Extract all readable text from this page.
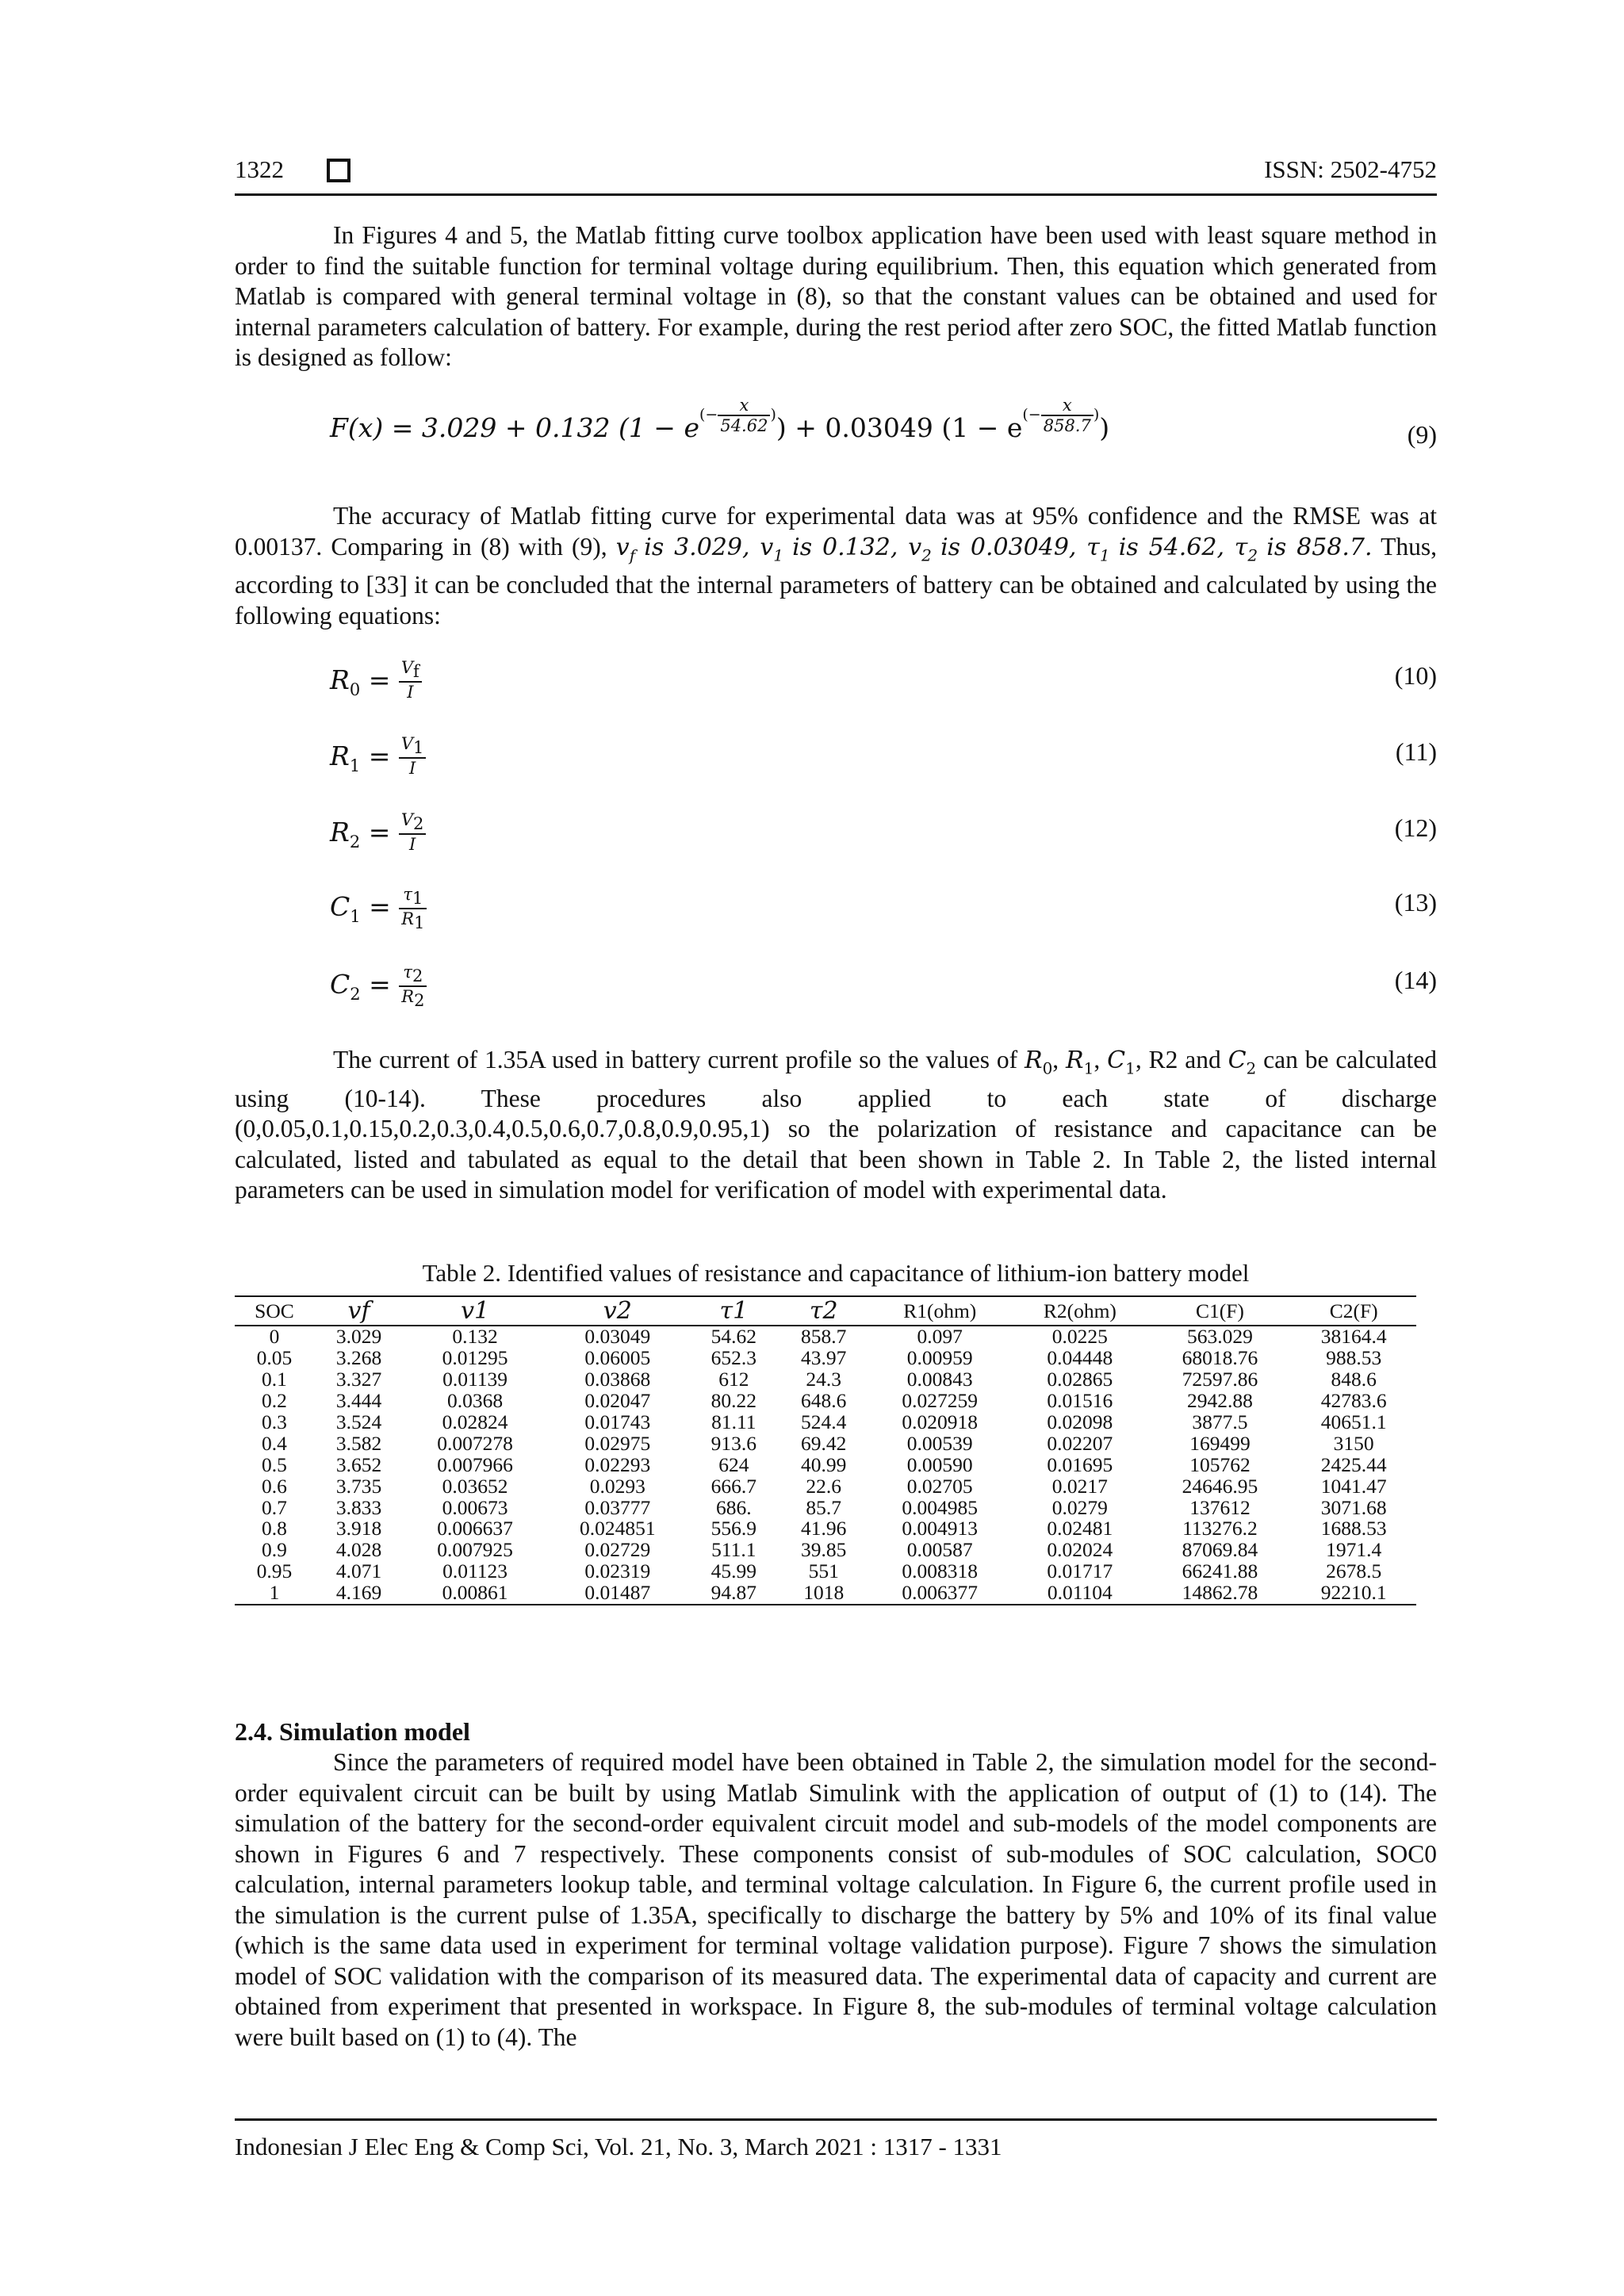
1322	ISSN: 2502-4752

In Figures 4 and 5, the Matlab fitting curve toolbox application have been used with least square method in order to find the suitable function for terminal voltage during equilibrium. Then, this equation which generated from Matlab is compared with general terminal voltage in (8), so that the constant values can be obtained and used for internal parameters calculation of battery. For example, during the rest period after zero SOC, the fitted Matlab function is designed as follow:

F(x) = 3.029 + 0.132 $(1 - e^{(- \frac{x}{54.62} )}) + 0.03049$ $(1 - e^{(- \frac{x}{858.7} )})$	(9)

The accuracy of Matlab fitting curve for experimental data was at 95% confidence and the RMSE was at 0.00137. Comparing in (8) with (9), $v_f$ is 3.029, $v_1$ is 0.132, $v_2$ is 0.03049, $\tau_1$ is 54.62, $\tau_2$ is 858.7. Thus, according to [33] it can be concluded that the internal parameters of battery can be obtained and calculated by using the following equations:

$R_0 = \frac{V_f}{I}$	(10)
$R_1 = \frac{V_1}{I}$	(11)
$R_2 = \frac{V_2}{I}$	(12)
$C_1 = \frac{\tau_1}{R_1}$	(13)
$C_2 = \frac{\tau_2}{R_2}$	(14)

The current of 1.35A used in battery current profile so the values of $R_0$, $R_1$, $C_1$, R2 and $C_2$ can be calculated using (10-14). These procedures also applied to each state of discharge (0,0.05,0.1,0.15,0.2,0.3,0.4,0.5,0.6,0.7,0.8,0.9,0.95,1) so the polarization of resistance and capacitance can be calculated, listed and tabulated as equal to the detail that been shown in Table 2. In Table 2, the listed internal parameters can be used in simulation model for verification of model with experimental data.

Table 2. Identified values of resistance and capacitance of lithium-ion battery model
SOC	vf	v1	v2	τ1	τ2	R1(ohm)	R2(ohm)	C1(F)	C2(F)
0	3.029	0.132	0.03049	54.62	858.7	0.097	0.0225	563.029	38164.4
0.05	3.268	0.01295	0.06005	652.3	43.97	0.00959	0.04448	68018.76	988.53
0.1	3.327	0.01139	0.03868	612	24.3	0.00843	0.02865	72597.86	848.6
0.2	3.444	0.0368	0.02047	80.22	648.6	0.027259	0.01516	2942.88	42783.6
0.3	3.524	0.02824	0.01743	81.11	524.4	0.020918	0.02098	3877.5	40651.1
0.4	3.582	0.007278	0.02975	913.6	69.42	0.00539	0.02207	169499	3150
0.5	3.652	0.007966	0.02293	624	40.99	0.00590	0.01695	105762	2425.44
0.6	3.735	0.03652	0.0293	666.7	22.6	0.02705	0.0217	24646.95	1041.47
0.7	3.833	0.00673	0.03777	686.	85.7	0.004985	0.0279	137612	3071.68
0.8	3.918	0.006637	0.024851	556.9	41.96	0.004913	0.02481	113276.2	1688.53
0.9	4.028	0.007925	0.02729	511.1	39.85	0.00587	0.02024	87069.84	1971.4
0.95	4.071	0.01123	0.02319	45.99	551	0.008318	0.01717	66241.88	2678.5
1	4.169	0.00861	0.01487	94.87	1018	0.006377	0.01104	14862.78	92210.1
2.4. Simulation model

Since the parameters of required model have been obtained in Table 2, the simulation model for the second-order equivalent circuit can be built by using Matlab Simulink with the application of output of (1) to (14). The simulation of the battery for the second-order equivalent circuit model and sub-models of the model components are shown in Figures 6 and 7 respectively. These components consist of sub-modules of SOC calculation, SOC0 calculation, internal parameters lookup table, and terminal voltage calculation. In Figure 6, the current profile used in the simulation is the current pulse of 1.35A, specifically to discharge the battery by 5% and 10% of its final value (which is the same data used in experiment for terminal voltage validation purpose). Figure 7 shows the simulation model of SOC validation with the comparison of its measured data. The experimental data of capacity and current are obtained from experiment that presented in workspace. In Figure 8, the sub-modules of terminal voltage calculation were built based on (1) to (4). The

Indonesian J Elec Eng & Comp Sci, Vol. 21, No. 3, March 2021 : 1317 - 1331
